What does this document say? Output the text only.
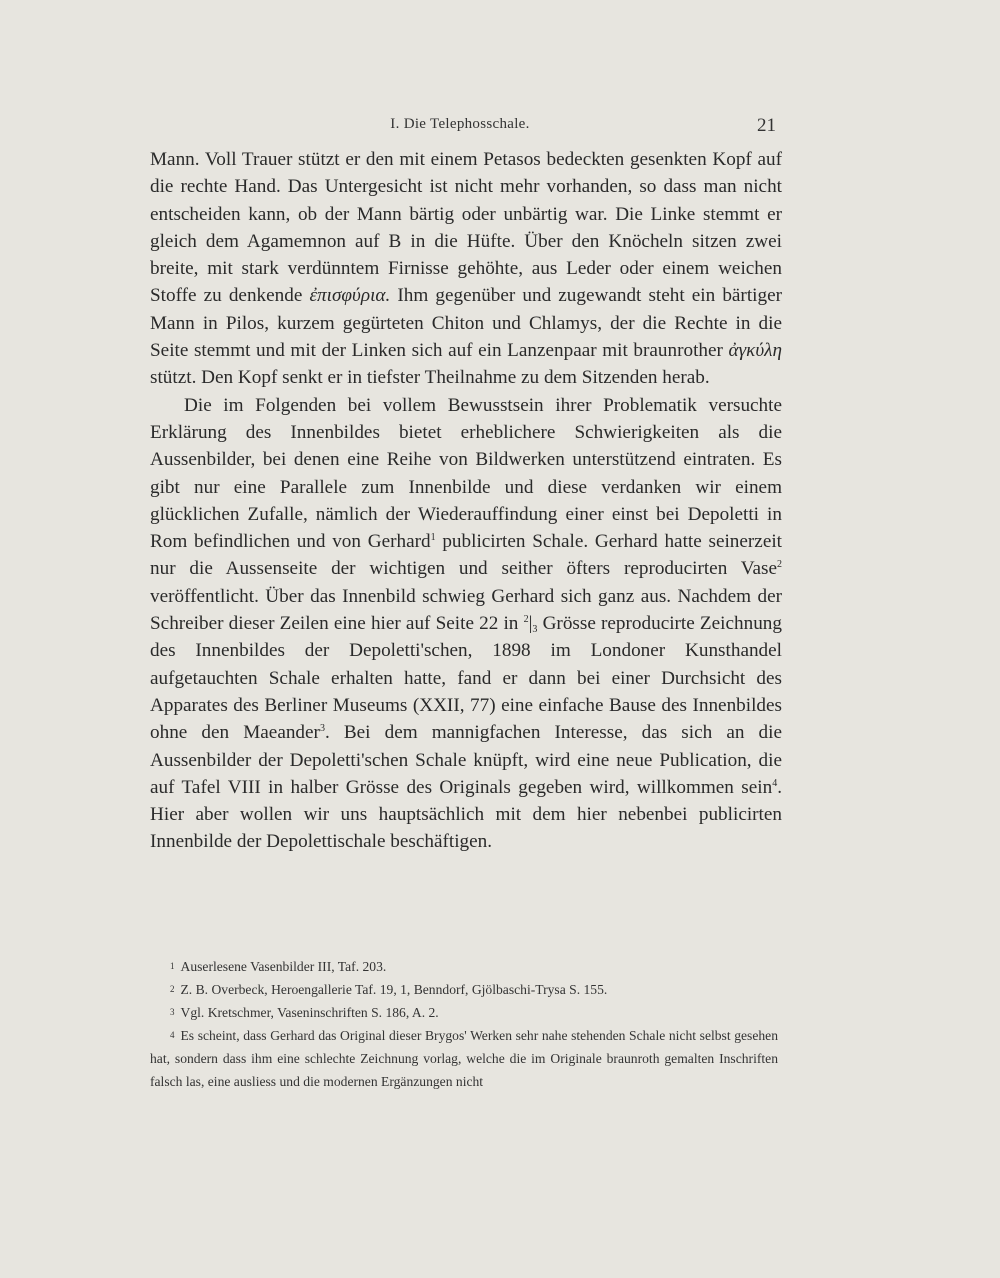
I. Die Telephosschale.	21

Mann. Voll Trauer stützt er den mit einem Petasos bedeckten gesenkten Kopf auf die rechte Hand. Das Untergesicht ist nicht mehr vorhanden, so dass man nicht entscheiden kann, ob der Mann bärtig oder unbärtig war. Die Linke stemmt er gleich dem Agamemnon auf B in die Hüfte. Über den Knöcheln sitzen zwei breite, mit stark verdünntem Firnisse gehöhte, aus Leder oder einem weichen Stoffe zu denkende ἐπισφύρια. Ihm gegenüber und zugewandt steht ein bärtiger Mann in Pilos, kurzem gegürteten Chiton und Chlamys, der die Rechte in die Seite stemmt und mit der Linken sich auf ein Lanzenpaar mit braunrother ἀγκύλη stützt. Den Kopf senkt er in tiefster Theilnahme zu dem Sitzenden herab.

Die im Folgenden bei vollem Bewusstsein ihrer Problematik versuchte Erklärung des Innenbildes bietet erheblichere Schwierigkeiten als die Aussenbilder, bei denen eine Reihe von Bildwerken unterstützend eintraten. Es gibt nur eine Parallele zum Innenbilde und diese verdanken wir einem glücklichen Zufalle, nämlich der Wiederauffindung einer einst bei Depoletti in Rom befindlichen und von Gerhard$^1$ publicirten Schale. Gerhard hatte seinerzeit nur die Aussenseite der wichtigen und seither öfters reproducirten Vase$^2$ veröffentlicht. Über das Innenbild schwieg Gerhard sich ganz aus. Nachdem der Schreiber dieser Zeilen eine hier auf Seite 22 in $^2|_3$ Grösse reproducirte Zeichnung des Innenbildes der Depoletti'schen, 1898 im Londoner Kunsthandel aufgetauchten Schale erhalten hatte, fand er dann bei einer Durchsicht des Apparates des Berliner Museums (XXII, 77) eine einfache Bause des Innenbildes ohne den Maeander$^3$. Bei dem mannigfachen Interesse, das sich an die Aussenbilder der Depoletti'schen Schale knüpft, wird eine neue Publication, die auf Tafel VIII in halber Grösse des Originals gegeben wird, willkommen sein$^4$. Hier aber wollen wir uns hauptsächlich mit dem hier nebenbei publicirten Innenbilde der Depolettischale beschäftigen.

1 Auserlesene Vasenbilder III, Taf. 203.

2 Z. B. Overbeck, Heroengallerie Taf. 19, 1, Benndorf, Gjölbaschi-Trysa S. 155.

3 Vgl. Kretschmer, Vaseninschriften S. 186, A. 2.

4 Es scheint, dass Gerhard das Original dieser Brygos' Werken sehr nahe stehenden Schale nicht selbst gesehen hat, sondern dass ihm eine schlechte Zeichnung vorlag, welche die im Originale braunroth gemalten Inschriften falsch las, eine ausliess und die modernen Ergänzungen nicht
